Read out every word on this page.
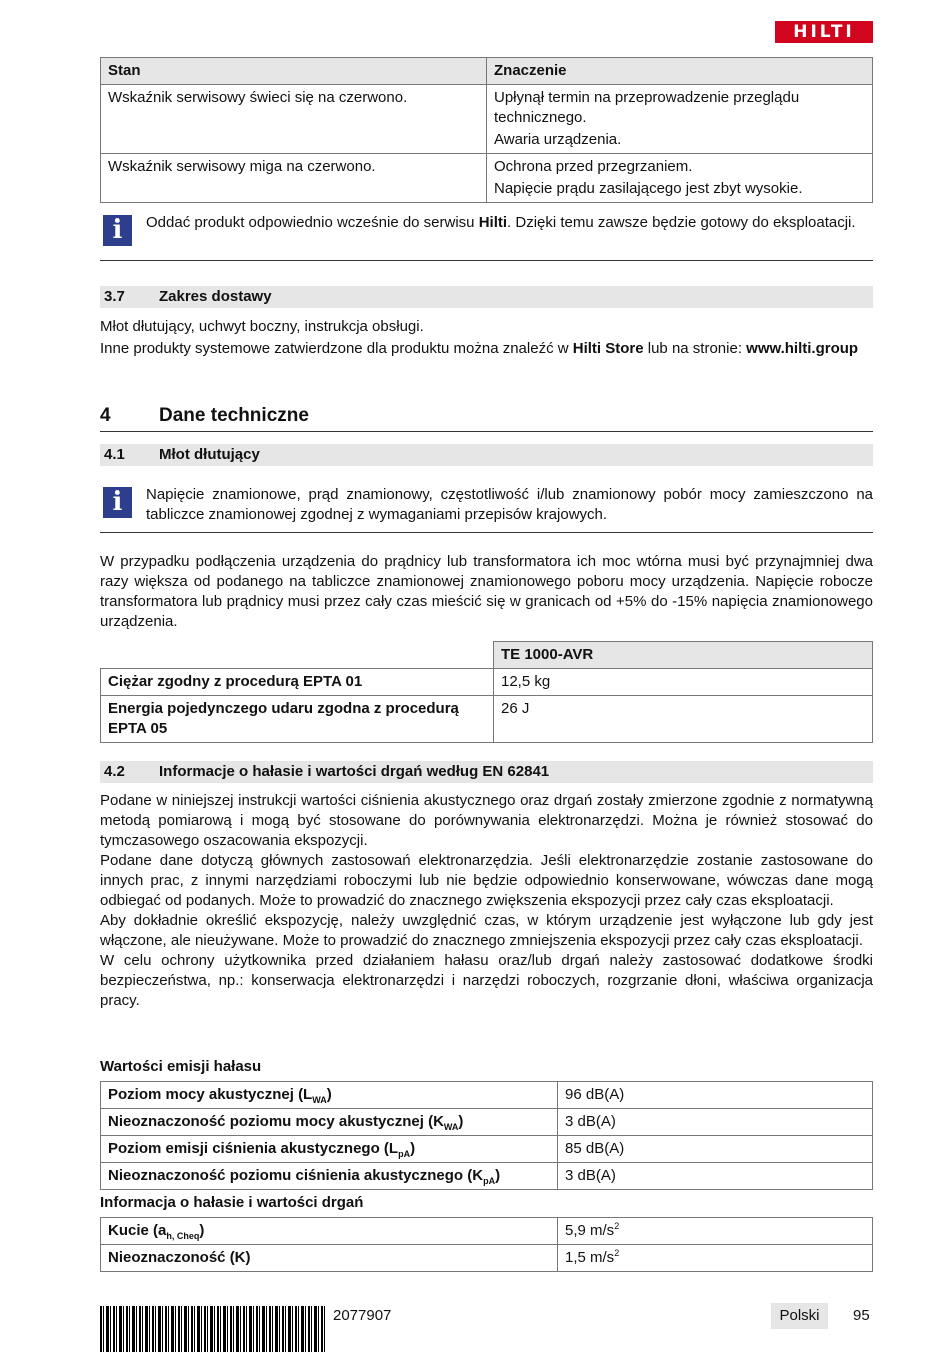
HILTI
Stan	Znaczenie
Wskaźnik serwisowy świeci się na czerwono.	Upłynął termin na przeprowadzenie przeglądu technicznego.
Awaria urządzenia.

Wskaźnik serwisowy miga na czerwono.	Ochrona przed przegrzaniem.
Napięcie prądu zasilającego jest zbyt wysokie.
i	Oddać produkt odpowiednio wcześnie do serwisu Hilti. Dzięki temu zawsze będzie gotowy do eksploatacji.
3.7 Zakres dostawy

Młot dłutujący, uchwyt boczny, instrukcja obsługi.

Inne produkty systemowe zatwierdzone dla produktu można znaleźć w Hilti Store lub na stronie: www.hilti.group

4	Dane techniczne
4.1 Młot dłutujący
i	Napięcie znamionowe, prąd znamionowy, częstotliwość i/lub znamionowy pobór mocy zamieszczono na tabliczce znamionowej zgodnej z wymaganiami przepisów krajowych.
W przypadku podłączenia urządzenia do prądnicy lub transformatora ich moc wtórna musi być przynajmniej dwa razy większa od podanego na tabliczce znamionowej znamionowego poboru mocy urządzenia. Napięcie robocze transformatora lub prądnicy musi przez cały czas mieścić się w granicach od +5% do -15% napięcia znamionowego urządzenia.
	TE 1000-AVR
Ciężar zgodny z procedurą EPTA 01	12,5 kg
Energia pojedynczego udaru zgodna z procedurą EPTA 05	26 J
4.2 Informacje o hałasie i wartości drgań według EN 62841

Podane w niniejszej instrukcji wartości ciśnienia akustycznego oraz drgań zostały zmierzone zgodnie z normatywną metodą pomiarową i mogą być stosowane do porównywania elektronarzędzi. Można je również stosować do tymczasowego oszacowania ekspozycji.

Podane dane dotyczą głównych zastosowań elektronarzędzia. Jeśli elektronarzędzie zostanie zastosowane do innych prac, z innymi narzędziami roboczymi lub nie będzie odpowiednio konserwowane, wówczas dane mogą odbiegać od podanych. Może to prowadzić do znacznego zwiększenia ekspozycji przez cały czas eksploatacji.

Aby dokładnie określić ekspozycję, należy uwzględnić czas, w którym urządzenie jest wyłączone lub gdy jest włączone, ale nieużywane. Może to prowadzić do znacznego zmniejszenia ekspozycji przez cały czas eksploatacji.

W celu ochrony użytkownika przed działaniem hałasu oraz/lub drgań należy zastosować dodatkowe środki bezpieczeństwa, np.: konserwacja elektronarzędzi i narzędzi roboczych, rozgrzanie dłoni, właściwa organizacja pracy.

Wartości emisji hałasu
Poziom mocy akustycznej $(L_{WA})$	96 dB(A)
Nieoznaczoność poziomu mocy akustycznej $(K_{WA})$	3 dB(A)
Poziom emisji ciśnienia akustycznego $(L_{pA})$	85 dB(A)
Nieoznaczoność poziomu ciśnienia akustycznego $(K_{pA})$	3 dB(A)
Informacja o hałasie i wartości drgań
Kucie $(a_{h, Cheq})$	5,9 $m/s^2$
Nieoznaczoność (K)	1,5 $m/s^2$
2077907	Polski	95
